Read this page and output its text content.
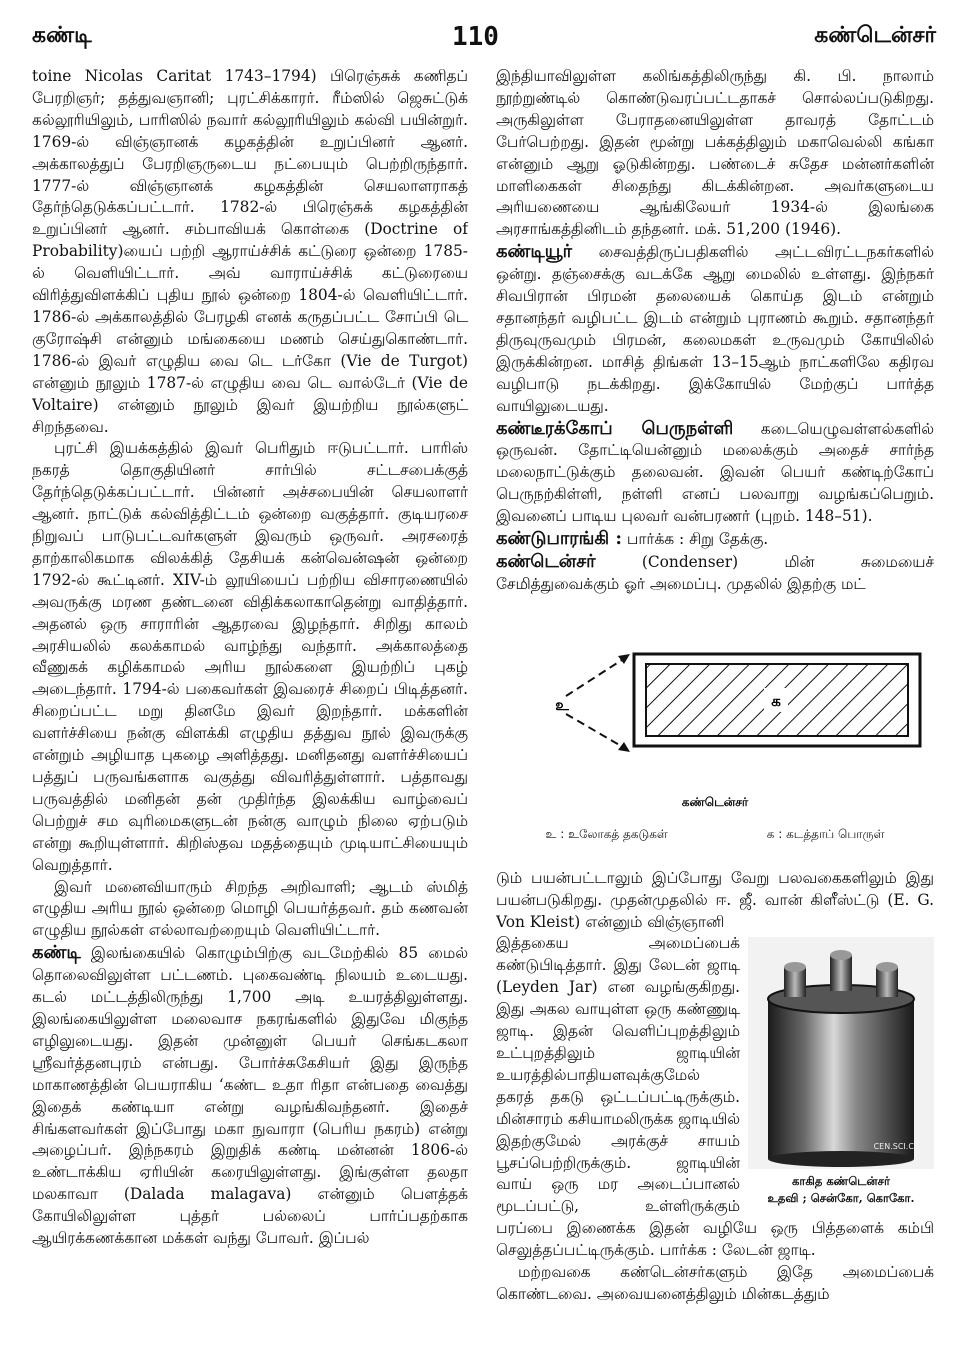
கண்டி	110	கண்டென்சர்

toine Nicolas Caritat 1743–1794) பிரெஞ்சுக் கணிதப் பேரறிஞர்; தத்துவஞானி; புரட்சிக்காரர். ரீம்ஸில் ஜெசுட்டுக் கல்லூரியிலும், பாரிஸில் நவார் கல்லூரியிலும் கல்வி பயின்றுர். 1769-ல் விஞ்ஞானக் கழகத்தின் உறுப்பினர் ஆனர். அக்காலத்துப் பேரறிஞருடைய நட்பையும் பெற்றிருந்தார். 1777-ல் விஞ்ஞானக் கழகத்தின் செயலாளராகத் தேர்ந்தெடுக்கப்பட்டார். 1782-ல் பிரெஞ்சுக் கழகத்தின் உறுப்பினர் ஆனர். சம்பாவியக் கொள்கை (Doctrine of Probability)யைப் பற்றி ஆராய்ச்சிக் கட்டுரை ஒன்றை 1785-ல் வெளியிட்டார். அவ் வாராய்ச்சிக் கட்டுரையை விரித்துவிளக்கிப் புதிய நூல் ஒன்றை 1804-ல் வெளியிட்டார். 1786-ல் அக்காலத்தில் பேரழகி எனக் கருதப்பட்ட சோப்பி டெ குரோஷ்சி என்னும் மங்கையை மணம் செய்துகொண்டார். 1786-ல் இவர் எழுதிய வை டெ டர்கோ (Vie de Turgot) என்னும் நூலும் 1787-ல் எழுதிய வை டெ வால்டேர் (Vie de Voltaire) என்னும் நூலும் இவர் இயற்றிய நூல்களுட் சிறந்தவை.

புரட்சி இயக்கத்தில் இவர் பெரிதும் ஈடுபட்டார். பாரிஸ் நகரத் தொகுதியினர் சார்பில் சட்டசபைக்குத் தேர்ந்தெடுக்கப்பட்டார். பின்னர் அச்சபையின் செயலாளர் ஆனர். நாட்டுக் கல்வித்திட்டம் ஒன்றை வகுத்தார். குடியரசை நிறுவப் பாடுபட்டவர்களுள் இவரும் ஒருவர். அரசரைத் தாற்காலிகமாக விலக்கித் தேசியக் கன்வென்ஷன் ஒன்றை 1792-ல் கூட்டினர். XIV-ம் லூயியைப் பற்றிய விசாரணையில் அவருக்கு மரண தண்டனை விதிக்கலாகாதென்று வாதித்தார். அதனல் ஒரு சாராரின் ஆதரவை இழந்தார். சிறிது காலம் அரசியலில் கலக்காமல் வாழ்ந்து வந்தார். அக்காலத்தை வீணுகக் கழிக்காமல் அரிய நூல்களை இயற்றிப் புகழ் அடைந்தார். 1794-ல் பகைவர்கள் இவரைச் சிறைப் பிடித்தனர். சிறைப்பட்ட மறு தினமே இவர் இறந்தார். மக்களின் வளர்ச்சியை நன்கு விளக்கி எழுதிய தத்துவ நூல் இவருக்கு என்றும் அழியாத புகழை அளித்தது. மனிதனது வளர்ச்சியைப் பத்துப் பருவங்களாக வகுத்து விவரித்துள்ளார். பத்தாவது பருவத்தில் மனிதன் தன் முதிர்ந்த இலக்கிய வாழ்வைப் பெற்றுச் சம வுரிமைகளுடன் நன்கு வாழும் நிலை ஏற்படும் என்று கூறியுள்ளார். கிறிஸ்தவ மதத்தையும் முடியாட்சியையும் வெறுத்தார்.

இவர் மனைவியாரும் சிறந்த அறிவாளி; ஆடம் ஸ்மித் எழுதிய அரிய நூல் ஒன்றை மொழி பெயர்த்தவர். தம் கணவன் எழுதிய நூல்கள் எல்லாவற்றையும் வெளியிட்டார்.

கண்டி இலங்கையில் கொழும்பிற்கு வடமேற்கில் 85 மைல் தொலைவிலுள்ள பட்டணம். புகைவண்டி நிலயம் உடையது. கடல் மட்டத்திலிருந்து 1,700 அடி உயரத்திலுள்ளது. இலங்கையிலுள்ள மலைவாச நகரங்களில் இதுவே மிகுந்த எழிலுடையது. இதன் முன்னுள் பெயர் செங்கடகலா ஸ்ரீவர்த்தனபுரம் என்பது. போர்ச்சுகேசியர் இது இருந்த மாகாணத்தின் பெயராகிய ‘கண்ட உதா ரிதா என்பதை வைத்து இதைக் கண்டியா என்று வழங்கிவந்தனர். இதைச் சிங்களவர்கள் இப்போது மகா நுவாரா (பெரிய நகரம்) என்று அழைப்பர். இந்நகரம் இறுதிக் கண்டி மன்னன் 1806-ல் உண்டாக்கிய ஏரியின் கரையிலுள்ளது. இங்குள்ள தலதா மலகாவா (Dalada malagava) என்னும் பௌத்தக் கோயிலிலுள்ள புத்தர் பல்லைப் பார்ப்பதற்காக ஆயிரக்கணக்கான மக்கள் வந்து போவர். இப்பல்

இந்தியாவிலுள்ள கலிங்கத்திலிருந்து கி. பி. நாலாம் நூற்றுண்டில் கொண்டுவரப்பட்டதாகச் சொல்லப்படுகிறது. அருகிலுள்ள பேராதனையிலுள்ள தாவரத் தோட்டம் பேர்பெற்றது. இதன் மூன்று பக்கத்திலும் மகாவெல்லி கங்கா என்னும் ஆறு ஓடுகின்றது. பண்டைச் சுதேச மன்னர்களின் மாளிகைகள் சிதைந்து கிடக்கின்றன. அவர்களுடைய அரியணையை ஆங்கிலேயர் 1934-ல் இலங்கை அரசாங்கத்தினிடம் தந்தனர். மக். 51,200 (1946).

கண்டியூர் சைவத்திருப்பதிகளில் அட்டவிரட்டநகர்களில் ஒன்று. தஞ்சைக்கு வடக்கே ஆறு மைலில் உள்ளது. இந்நகர் சிவபிரான் பிரமன் தலையைக் கொய்த இடம் என்றும் சதானந்தர் வழிபட்ட இடம் என்றும் புராணம் கூறும். சதானந்தர் திருவுருவமும் பிரமன், கலைமகள் உருவமும் கோயிலில் இருக்கின்றன. மாசித் திங்கள் 13–15ஆம் நாட்களிலே கதிரவ வழிபாடு நடக்கிறது. இக்கோயில் மேற்குப் பார்த்த வாயிலுடையது.

கண்டீரக்கோப் பெருநள்ளி கடையெழுவள்ளல்களில் ஒருவன். தோட்டியென்னும் மலைக்கும் அதைச் சார்ந்த மலைநாட்டுக்கும் தலைவன். இவன் பெயர் கண்டிற்கோப் பெருநற்கிள்ளி, நள்ளி எனப் பலவாறு வழங்கப்பெறும். இவனைப் பாடிய புலவர் வன்பரணர் (புறம். 148–51).

கண்டுபாரங்கி : பார்க்க : சிறு தேக்கு.

கண்டென்சர் (Condenser) மின் சுமையைச் சேமித்துவைக்கும் ஓர் அமைப்பு. முதலில் இதற்கு மட்

க
உ
கண்டென்சர்
உ : உலோகத் தகடுகள்	க : கடத்தாப் பொருள்

டும் பயன்பட்டாலும் இப்போது வேறு பலவகைகளிலும் இது பயன்படுகிறது. முதன்முதலில் ஈ. ஜீ. வான் கிளீஸ்ட்டு (E. G. Von Kleist) என்னும் விஞ்ஞானி

CEN.SCI.CO.
காகித கண்டென்சர்
உதவி ; சென்கோ, கொகோ.

இத்தகைய அமைப்பைக் கண்டுபிடித்தார். இது லேடன் ஜாடி (Leyden Jar) என வழங்குகிறது. இது அகல வாயுள்ள ஒரு கண்ணுடி ஜாடி. இதன் வெளிப்புறத்திலும் உட்புறத்திலும் ஜாடியின் உயரத்தில்பாதியளவுக்குமேல் தகரத் தகடு ஒட்டப்பட்டிருக்கும். மின்சாரம் கசியாமலிருக்க ஜாடியில் இதற்குமேல் அரக்குச் சாயம் பூசப்பெற்றிருக்கும். ஜாடியின் வாய் ஒரு மர அடைப்பானல் மூடப்பட்டு, உள்ளிருக்கும் பரப்பை இணைக்க இதன் வழியே ஒரு பித்தளைக் கம்பி செலுத்தப்பட்டிருக்கும். பார்க்க : லேடன் ஜாடி.

மற்றவகை கண்டென்சர்களும் இதே அமைப்பைக் கொண்டவை. அவையனைத்திலும் மின்கடத்தும்
